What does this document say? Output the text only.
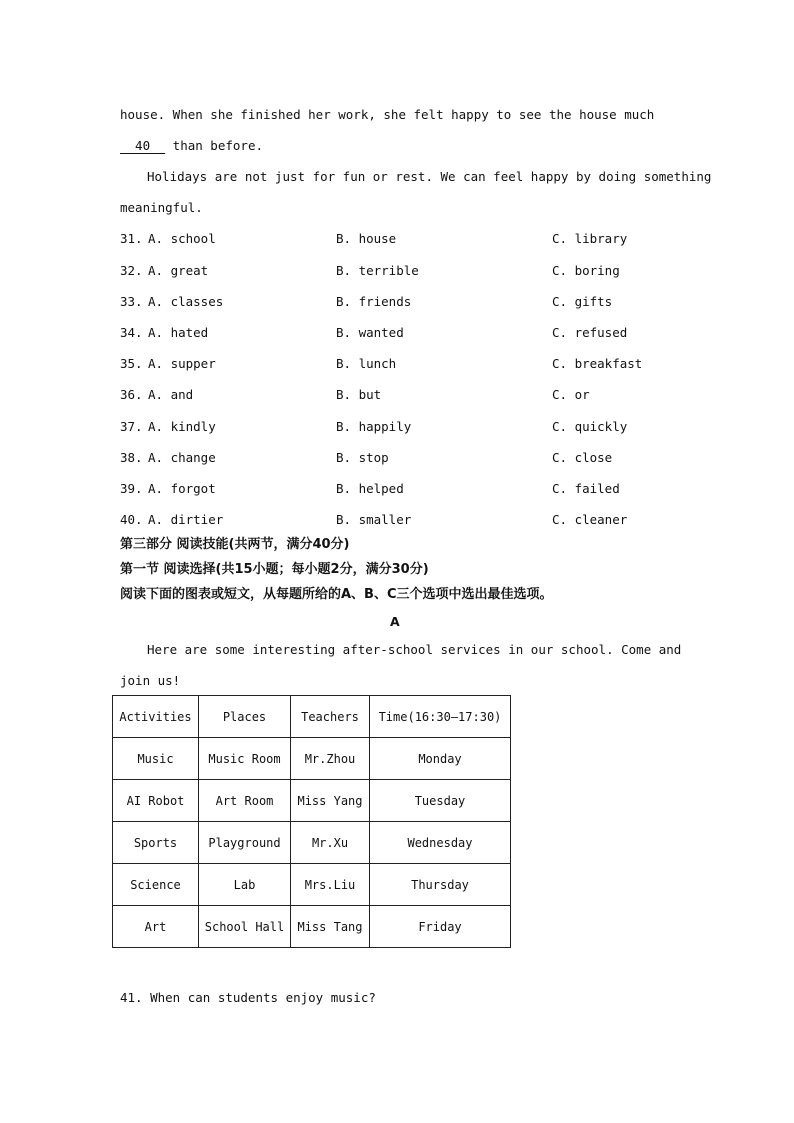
house. When she finished her work, she felt happy to see the house much
40   than before.
Holidays are not just for fun or rest. We can feel happy by doing something
meaningful.
31. A. school	B. house	C. library
32. A. great	B. terrible	C. boring
33. A. classes	B. friends	C. gifts
34. A. hated	B. wanted	C. refused
35. A. supper	B. lunch	C. breakfast
36. A. and	B. but	C. or
37. A. kindly	B. happily	C. quickly
38. A. change	B. stop	C. close
39. A. forgot	B. helped	C. failed
40. A. dirtier	B. smaller	C. cleaner
第三部分 阅读技能(共两节，满分40分)
第一节 阅读选择(共15小题；每小题2分，满分30分)
阅读下面的图表或短文，从每题所给的A、B、C三个选项中选出最佳选项。
A
Here are some interesting after-school services in our school. Come and
join us!
Activities	Places	Teachers	Time(16:30—17:30)
Music	Music Room	Mr.Zhou	Monday
AI Robot	Art Room	Miss Yang	Tuesday
Sports	Playground	Mr.Xu	Wednesday
Science	Lab	Mrs.Liu	Thursday
Art	School Hall	Miss Tang	Friday
41. When can students enjoy music?
